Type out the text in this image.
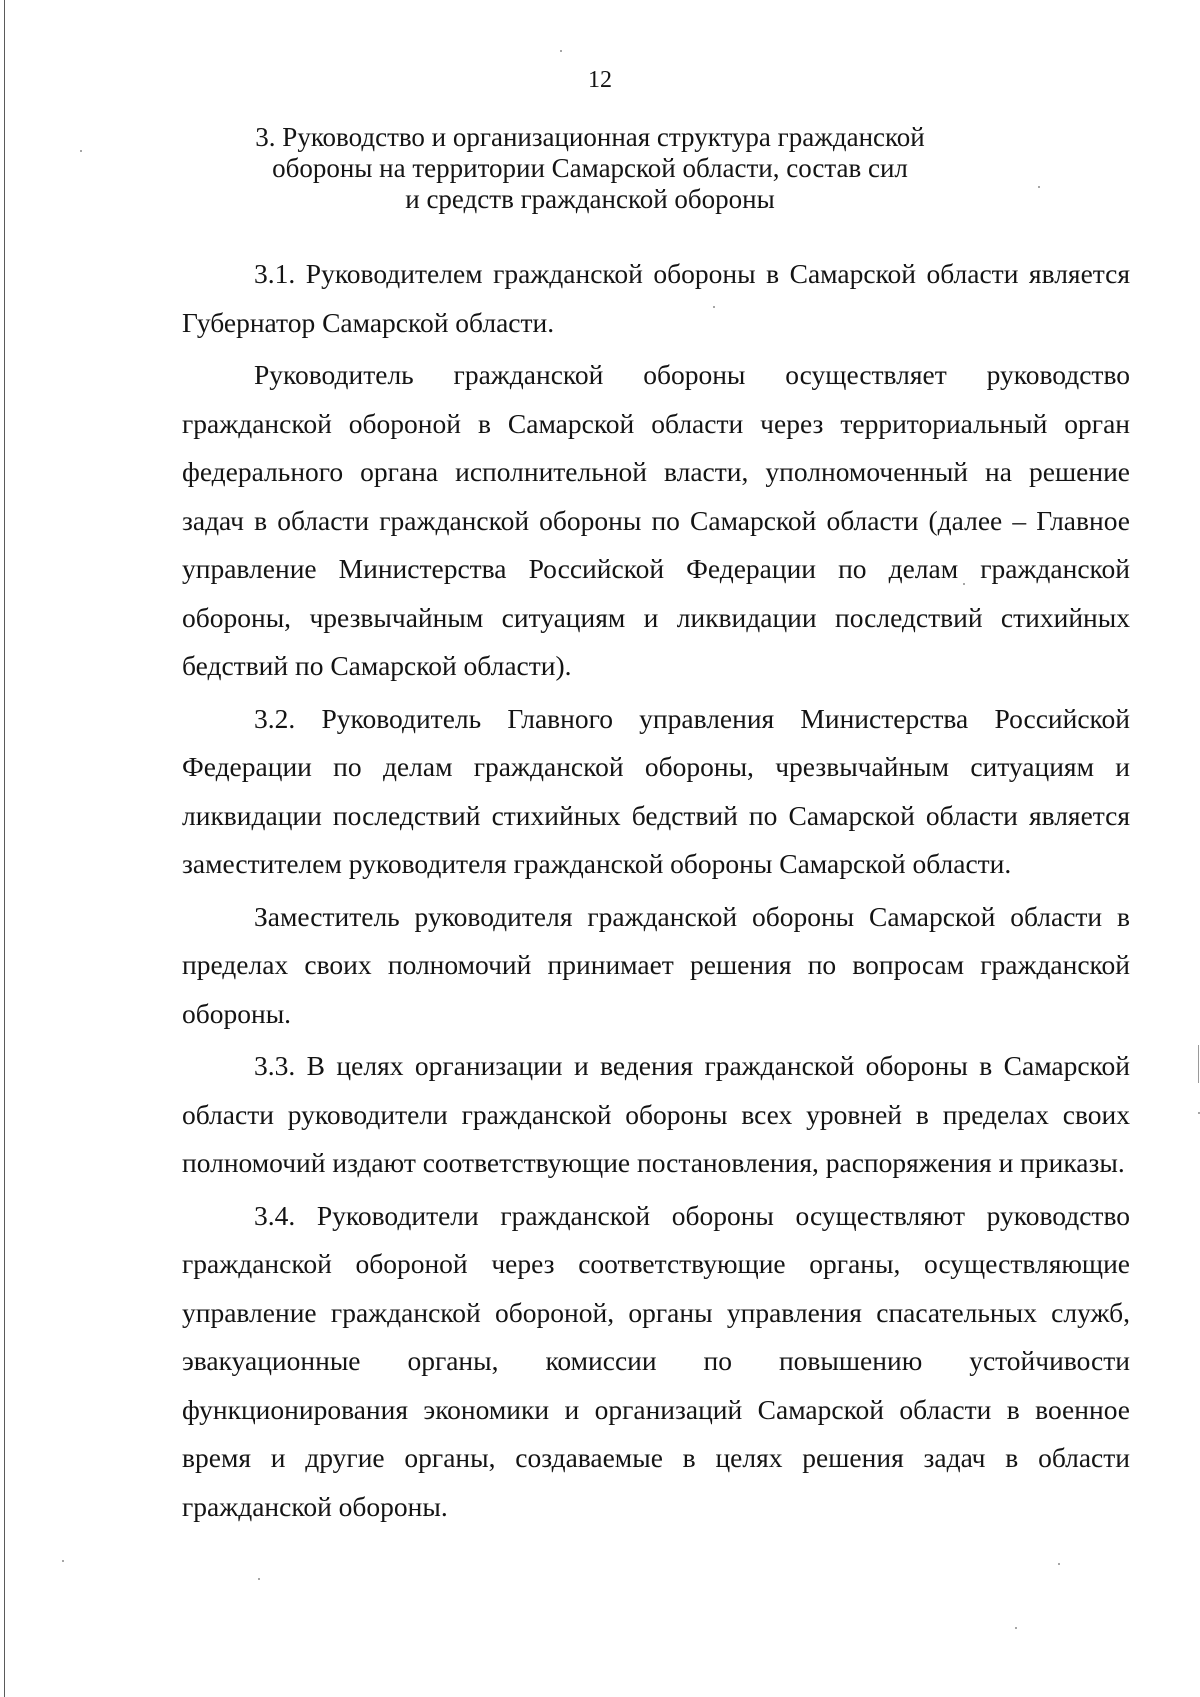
12
3. Руководство и организационная структура гражданской
обороны на территории Самарской области, состав сил
и средств гражданской обороны

3.1. Руководителем гражданской обороны в Самарской области является Губернатор Самарской области.

Руководитель гражданской обороны осуществляет руководство гражданской обороной в Самарской области через территориальный орган федерального органа исполнительной власти, уполномоченный на решение задач в области гражданской обороны по Самарской области (далее – Главное управление Министерства Российской Федерации по делам гражданской обороны, чрезвычайным ситуациям и ликвидации последствий стихийных бедствий по Самарской области).

3.2. Руководитель Главного управления Министерства Российской Федерации по делам гражданской обороны, чрезвычайным ситуациям и ликвидации последствий стихийных бедствий по Самарской области является заместителем руководителя гражданской обороны Самарской области.

Заместитель руководителя гражданской обороны Самарской области в пределах своих полномочий принимает решения по вопросам гражданской обороны.

3.3. В целях организации и ведения гражданской обороны в Самарской области руководители гражданской обороны всех уровней в пределах своих полномочий издают соответствующие постановления, распоряжения и приказы.

3.4. Руководители гражданской обороны осуществляют руководство гражданской обороной через соответствующие органы, осуществляющие управление гражданской обороной, органы управления спасательных служб, эвакуационные органы, комиссии по повышению устойчивости функционирования экономики и организаций Самарской области в военное время и другие органы, создаваемые в целях решения задач в области гражданской обороны.
